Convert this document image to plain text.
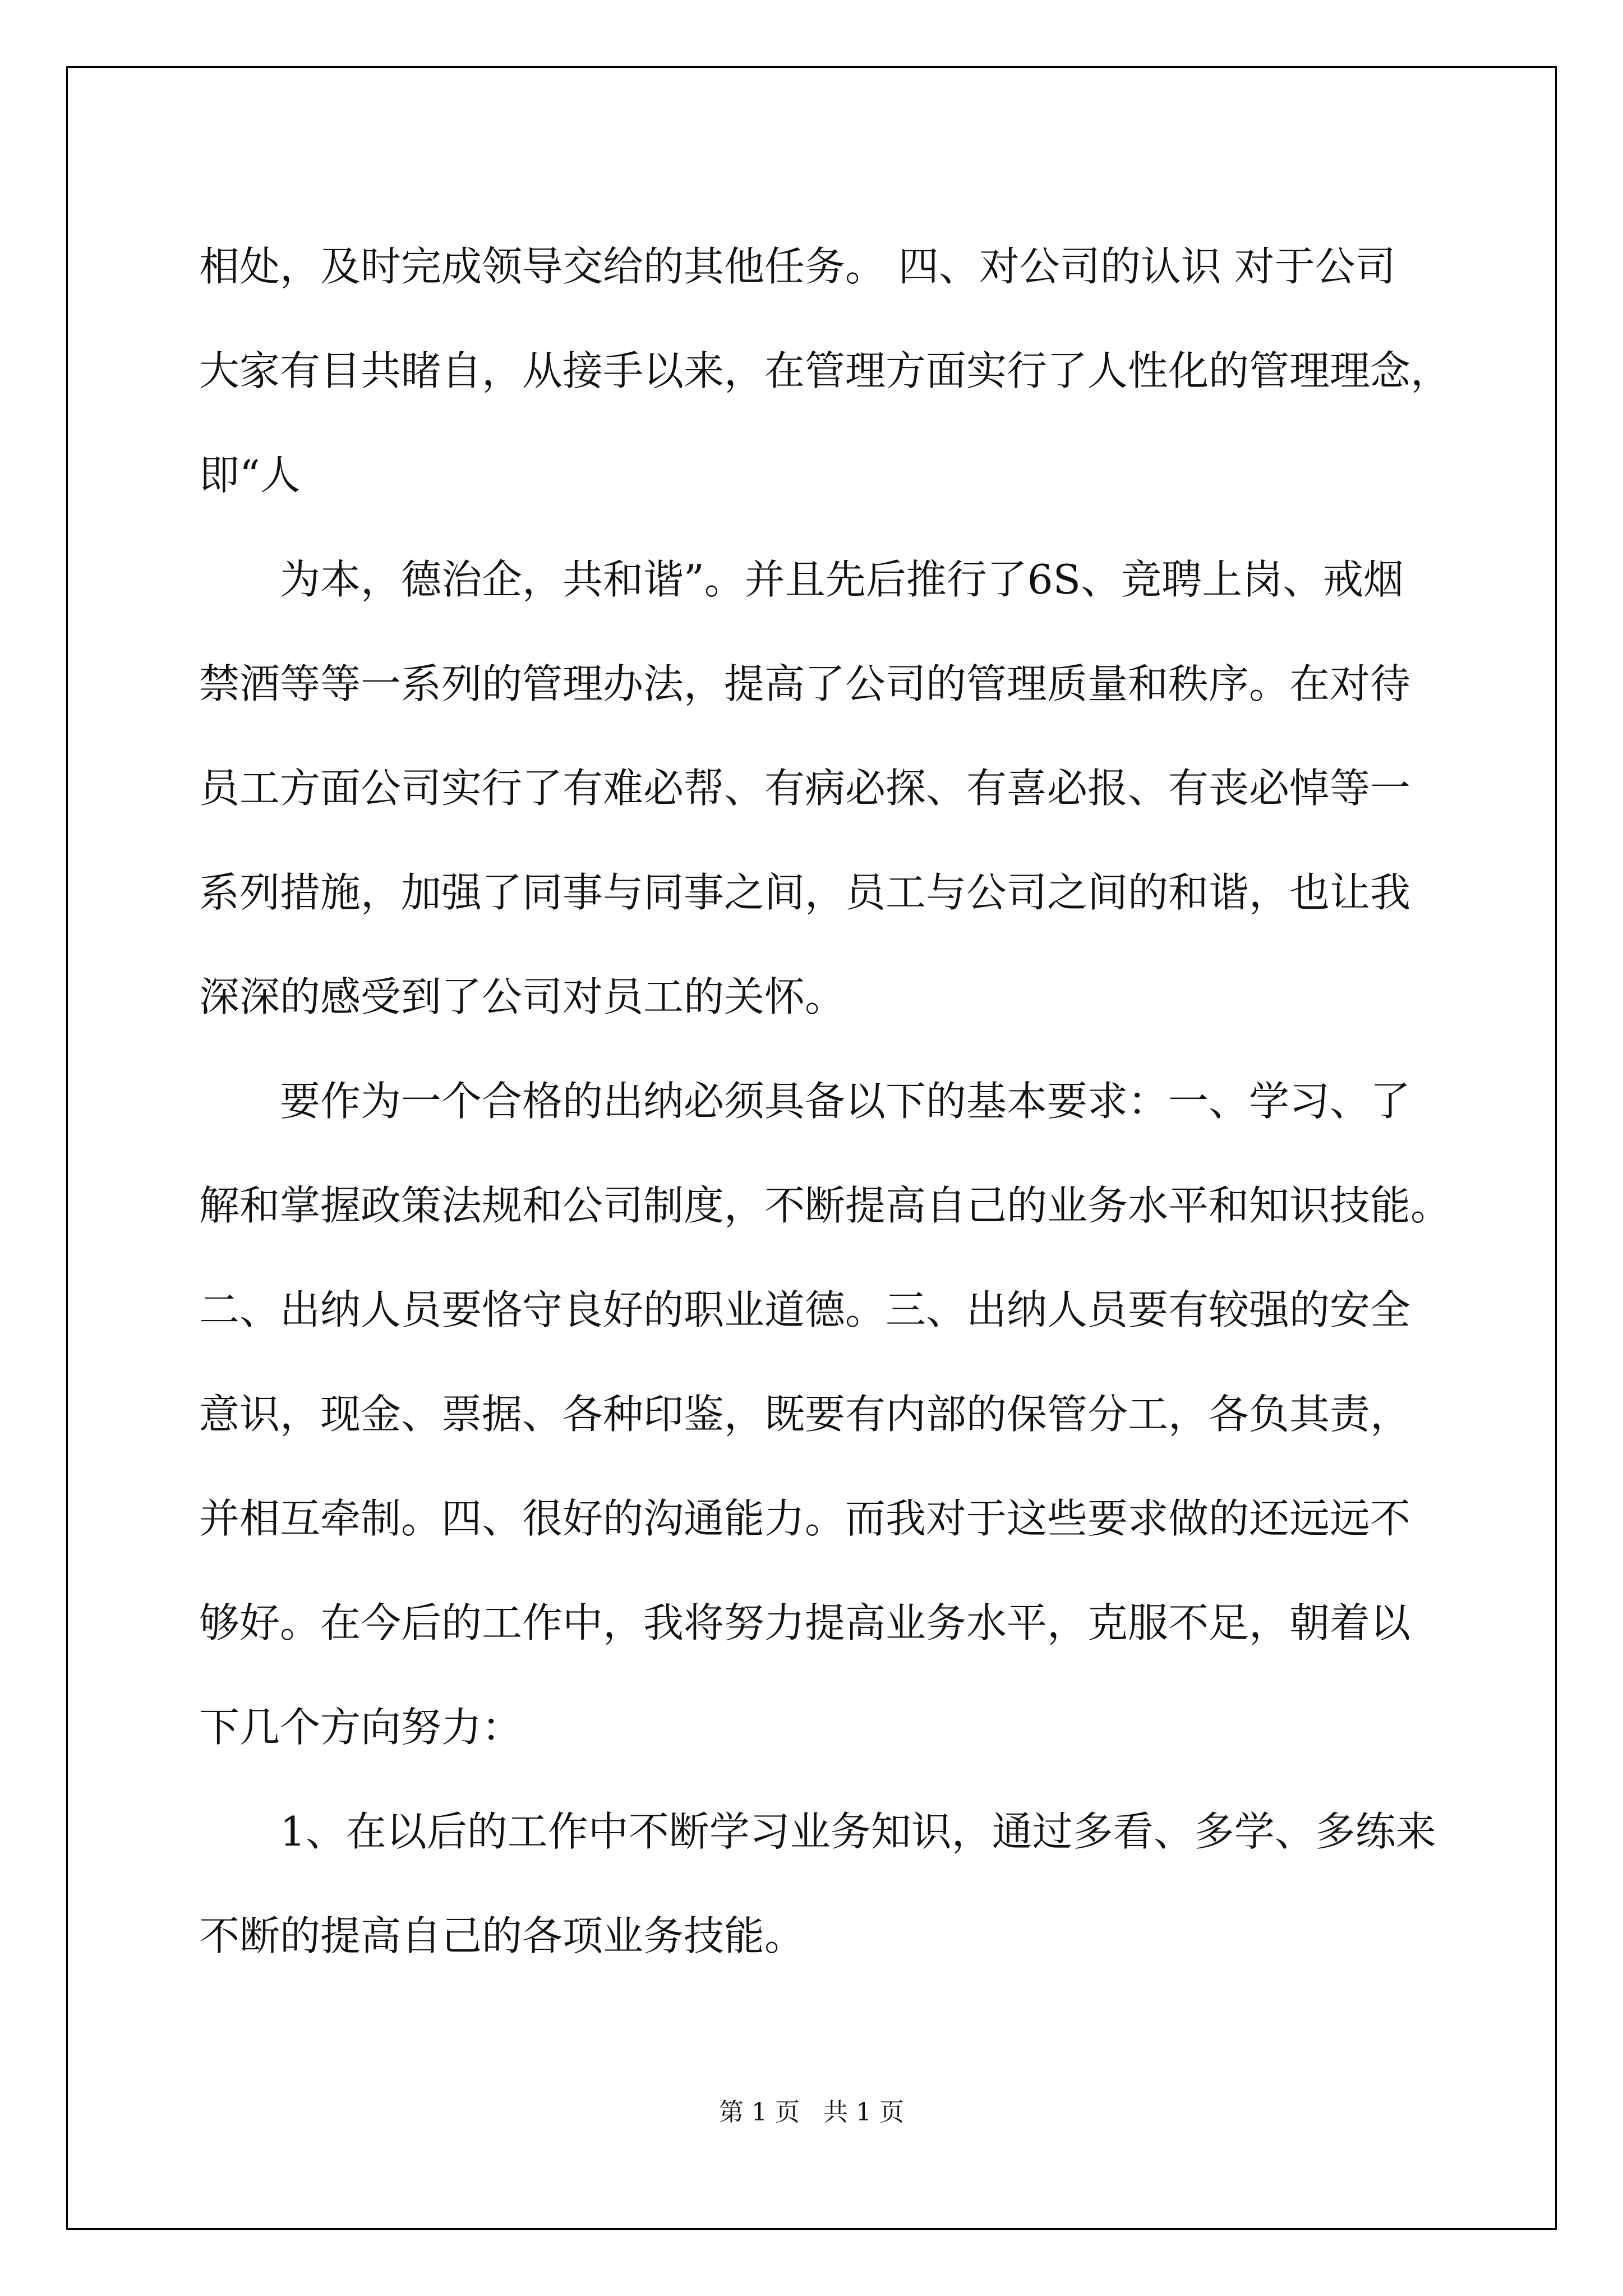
相处，及时完成领导交给的其他任务。 四、对公司的认识 对于公司
大家有目共睹自，从接手以来，在管理方面实行了人性化的管理理念，
即“人
为本，德治企，共和谐”。并且先后推行了6S、竞聘上岗、戒烟
禁酒等等一系列的管理办法，提高了公司的管理质量和秩序。在对待
员工方面公司实行了有难必帮、有病必探、有喜必报、有丧必悼等一
系列措施，加强了同事与同事之间，员工与公司之间的和谐，也让我
深深的感受到了公司对员工的关怀。
要作为一个合格的出纳必须具备以下的基本要求：一、学习、了
解和掌握政策法规和公司制度，不断提高自己的业务水平和知识技能。
二、出纳人员要恪守良好的职业道德。三、出纳人员要有较强的安全
意识，现金、票据、各种印鉴，既要有内部的保管分工，各负其责，
并相互牵制。四、很好的沟通能力。而我对于这些要求做的还远远不
够好。在今后的工作中，我将努力提高业务水平，克服不足，朝着以
下几个方向努力：
1、在以后的工作中不断学习业务知识，通过多看、多学、多练来
不断的提高自己的各项业务技能。
第 1 页   共 1 页
